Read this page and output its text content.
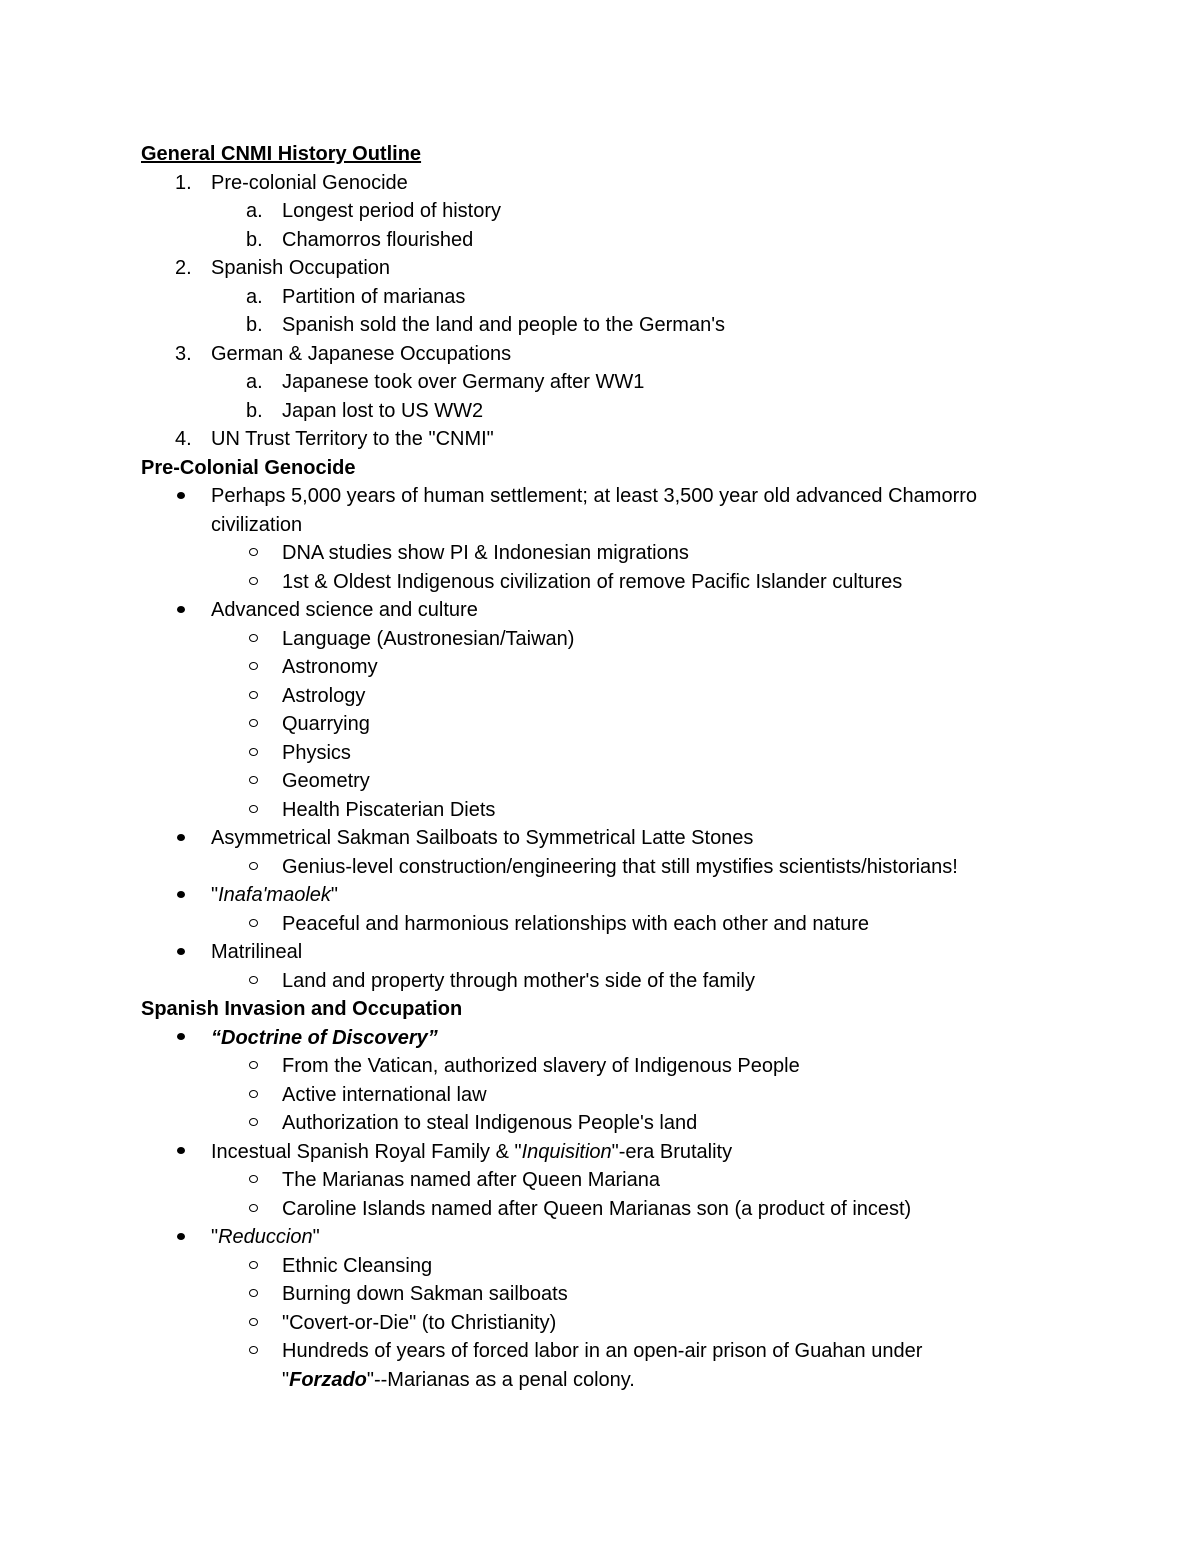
General CNMI History Outline
1. Pre-colonial Genocide
a. Longest period of history
b. Chamorros flourished
2. Spanish Occupation
a. Partition of marianas
b. Spanish sold the land and people to the German's
3. German & Japanese Occupations
a. Japanese took over Germany after WW1
b. Japan lost to US WW2
4. UN Trust Territory to the "CNMI"
Pre-Colonial Genocide
Perhaps 5,000 years of human settlement; at least 3,500 year old advanced Chamorro
civilization
DNA studies show PI & Indonesian migrations
1st & Oldest Indigenous civilization of remove Pacific Islander cultures
Advanced science and culture
Language (Austronesian/Taiwan)
Astronomy
Astrology
Quarrying
Physics
Geometry
Health Piscaterian Diets
Asymmetrical Sakman Sailboats to Symmetrical Latte Stones
Genius-level construction/engineering that still mystifies scientists/historians!
"Inafa'maolek"
Peaceful and harmonious relationships with each other and nature
Matrilineal
Land and property through mother's side of the family
Spanish Invasion and Occupation
“Doctrine of Discovery”
From the Vatican, authorized slavery of Indigenous People
Active international law
Authorization to steal Indigenous People's land
Incestual Spanish Royal Family & "Inquisition"-era Brutality
The Marianas named after Queen Mariana
Caroline Islands named after Queen Marianas son (a product of incest)
"Reduccion"
Ethnic Cleansing
Burning down Sakman sailboats
"Covert-or-Die" (to Christianity)
Hundreds of years of forced labor in an open-air prison of Guahan under
"Forzado"--Marianas as a penal colony.
